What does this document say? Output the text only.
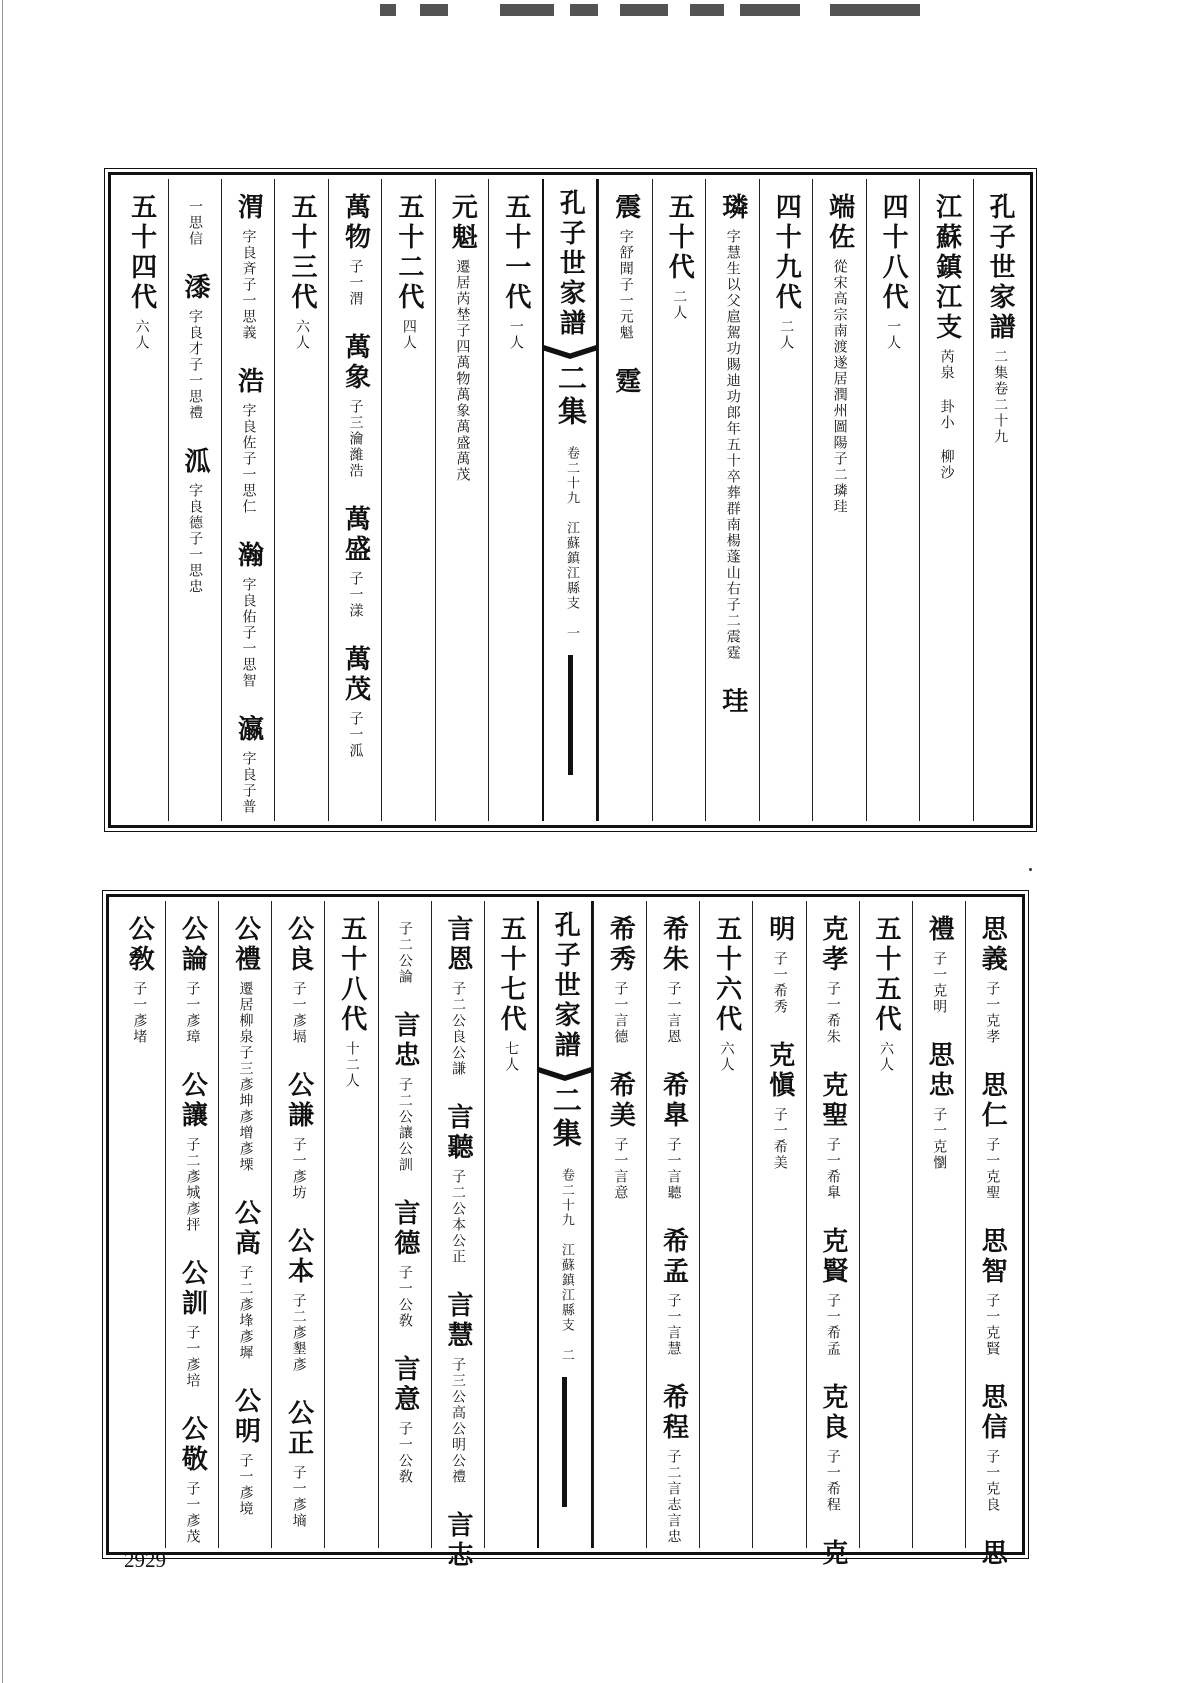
孔子世家譜二集卷二十九
江蘇鎮江支芮泉 卦小 柳沙
四十八代一人
端佐從宋高宗南渡遂居潤州圖陽子二璘珪
四十九代二人
璘字慧生以父扈駕功賜迪功郎年五十卒葬群南楊蓬山右子二震霆珪
五十代二人
震字舒聞子一元魁霆
孔子世家譜
二集 卷二十九　江蘇鎮江縣支　一
五十一代一人
元魁遷居芮埜子四萬物萬象萬盛萬茂
五十二代四人
萬物子一渭萬象子三瀹濰浩萬盛子一漾萬茂子一泒
五十三代六人
渭字良斉子一思義浩字良佐子一思仁瀚字良佑子一思智瀛字良子普
一思信潻字良才子一思禮泒字良德子一思忠
五十四代六人
思義子一克孝思仁子一克聖思智子一克賢思信子一克良思
禮子一克明思忠子一克懰
五十五代六人
克孝子一希朱克聖子一希臯克賢子一希孟克良子一希程克
明子一希秀克愼子一希美
五十六代六人
希朱子一言恩希臯子一言聽希孟子一言慧希程子二言志言忠
希秀子一言德希美子一言意
孔子世家譜
二集 卷二十九　江蘇鎮江縣支　二
五十七代七人
言恩子二公良公謙言聽子二公本公正言慧子三公高公明公禮言志
子二公論言忠子二公讓公訓言德子一公敎言意子一公敎
五十八代十二人
公良子一彥塥公謙子一彥坊公本子二彥墾彥公正子一彥墒
公禮遷居柳泉子三彥坤彥增彥塛公高子二彥埄彥墀公明子一彥境
公論子一彥璋公讓子二彥城彥抨公訓子一彥培公敬子一彥茂
公敎子一彥堵
2929
